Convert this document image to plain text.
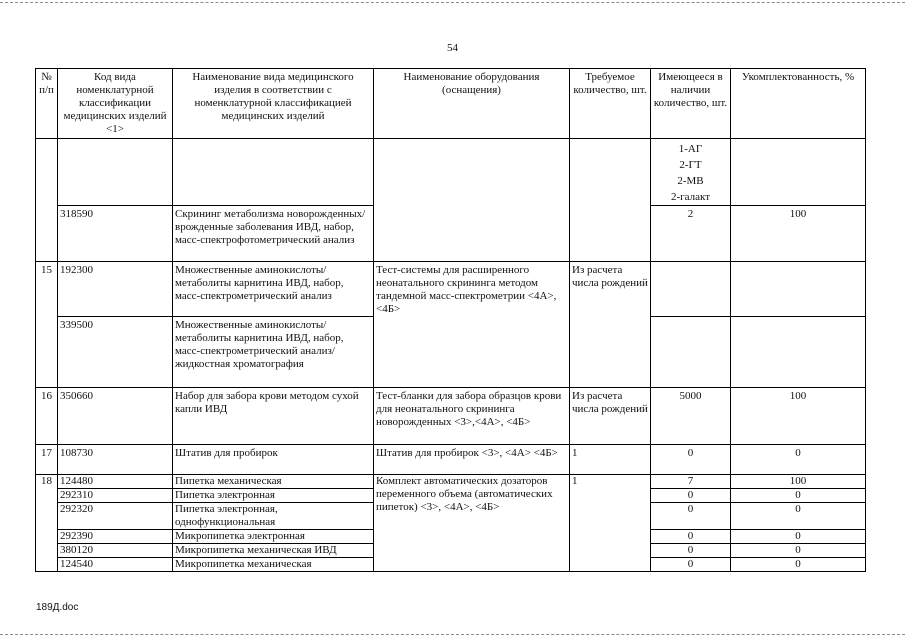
54
№ п/п	Код вида номенклатурной классификации медицинских изделий <1>	Наименование вида медицинского изделия в соответствии с номенклатурной классификацией медицинских изделий	Наименование оборудования (оснащения)	Требуемое количество, шт.	Имеющееся в наличии количество, шт.	Укомплектованность, %

					1-АГ
2-ГТ
2-МВ
2-галакт	

	318590	Скрининг метаболизма новорожденных/врожденные заболевания ИВД, набор, масс-спектрофотометрический анализ			2	100
15	192300	Множественные аминокислоты/метаболиты карнитина ИВД, набор, масс-спектрометрический анализ	Тест-системы для расширенного неонатального скрининга методом тандемной масс-спектрометрии <4А>, <4Б>	Из расчета числа рождений		
	339500	Множественные аминокислоты/метаболиты карнитина ИВД, набор, масс-спектрометрический анализ/жидкостная хроматография				
16	350660	Набор для забора крови методом сухой капли ИВД	Тест-бланки для забора образцов крови для неонатального скрининга новорожденных <3>,<4А>, <4Б>	Из расчета числа рождений	5000	100
17	108730	Штатив для пробирок	Штатив для пробирок <3>, <4А> <4Б>	1	0	0
18	124480	Пипетка механическая	Комплект автоматических дозаторов переменного объема (автоматических пипеток) <3>, <4А>, <4Б>	1	7	100
	292310	Пипетка электронная			0	0
	292320	Пипетка электронная, однофункциональная			0	0
	292390	Микропипетка электронная			0	0
	380120	Микропипетка механическая ИВД			0	0
	124540	Микропипетка механическая			0	0
189Д.doc
